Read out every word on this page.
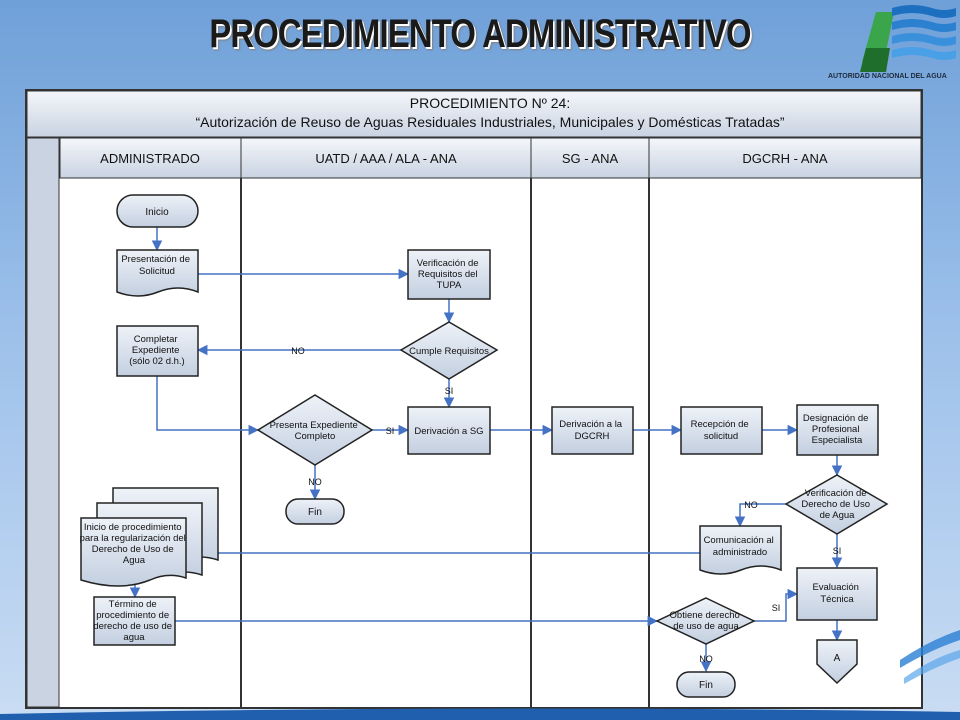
PROCEDIMIENTO ADMINISTRATIVO
AUTORIDAD NACIONAL DEL AGUA
PROCEDIMIENTO Nº 24:
“Autorización de Reuso de Aguas Residuales Industriales, Municipales y Domésticas Tratadas”
ADMINISTRADO	UATD / AAA / ALA - ANA	SG - ANA	DGCRH - ANA
Inicio
Presentación de Solicitud
Verificación de Requisitos del TUPA
Cumple Requisitos
Completar Expediente (sólo 02 d.h.)
Presenta Expediente Completo	Derivación a SG
Derivación a la DGCRH
Recepción de solicitud
Designación de Profesional Especialista
Verificación de Derecho de Uso de Agua
Comunicación al administrado
Inicio de procedimiento para la regularización del Derecho de Uso de Agua
Término de procedimiento de derecho de uso de agua
Obtiene derecho de uso de agua
Evaluación Técnica
A
Fin
Fin
NO
SI
SI
NO
NO
SI
SI
NO
